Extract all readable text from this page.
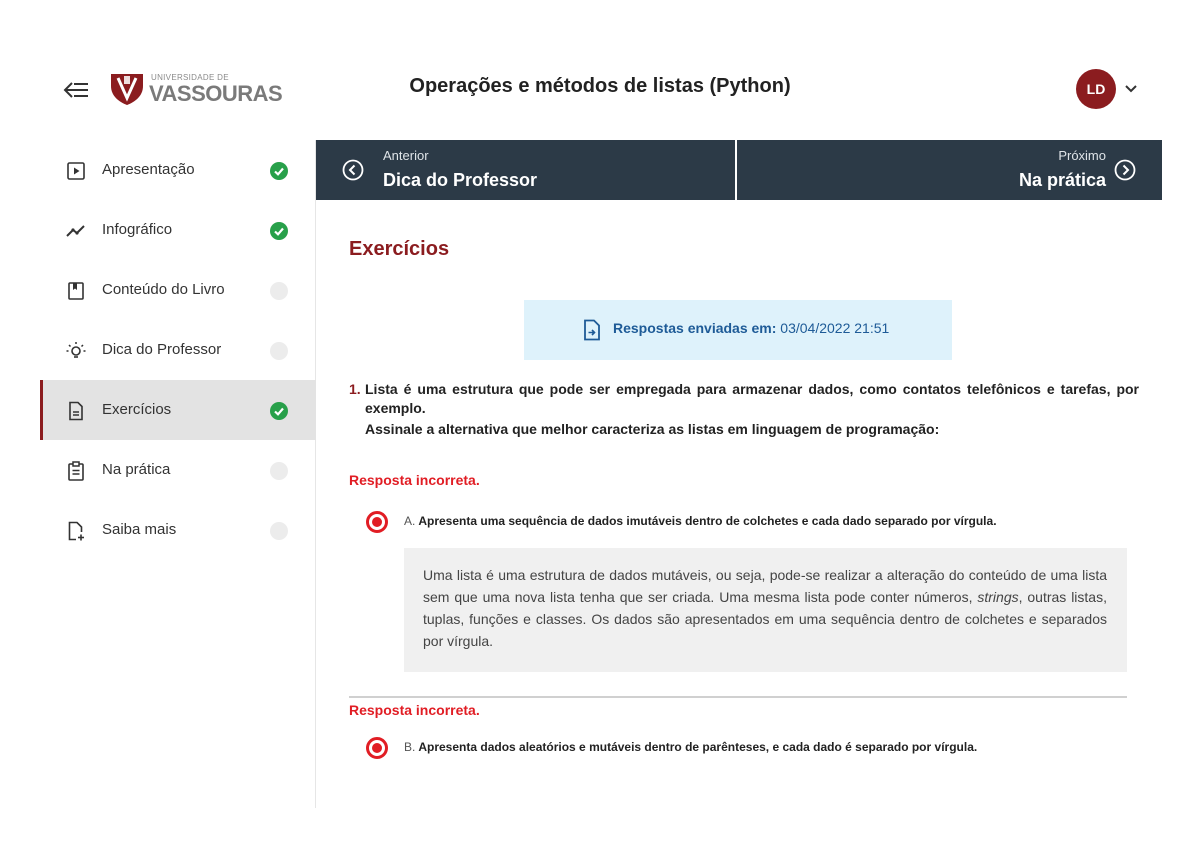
UNIVERSIDADE DE
VASSOURAS	Operações e métodos de listas (Python)	LD
Apresentação
Infográfico
Conteúdo do Livro
Dica do Professor
Exercícios
Na prática
Saiba mais
Anterior
Dica do Professor
Próximo
Na prática
Exercícios
Respostas enviadas em: 03/04/2022 21:51
1. Lista é uma estrutura que pode ser empregada para armazenar dados, como contatos telefônicos e tarefas, por exemplo.
Assinale a alternativa que melhor caracteriza as listas em linguagem de programação:
Resposta incorreta.
A. Apresenta uma sequência de dados imutáveis dentro de colchetes e cada dado separado por vírgula.
Uma lista é uma estrutura de dados mutáveis, ou seja, pode-se realizar a alteração do conteúdo de uma lista sem que uma nova lista tenha que ser criada. Uma mesma lista pode conter números, strings, outras listas, tuplas, funções e classes. Os dados são apresentados em uma sequência dentro de colchetes e separados por vírgula.
Resposta incorreta.
B. Apresenta dados aleatórios e mutáveis dentro de parênteses, e cada dado é separado por vírgula.
